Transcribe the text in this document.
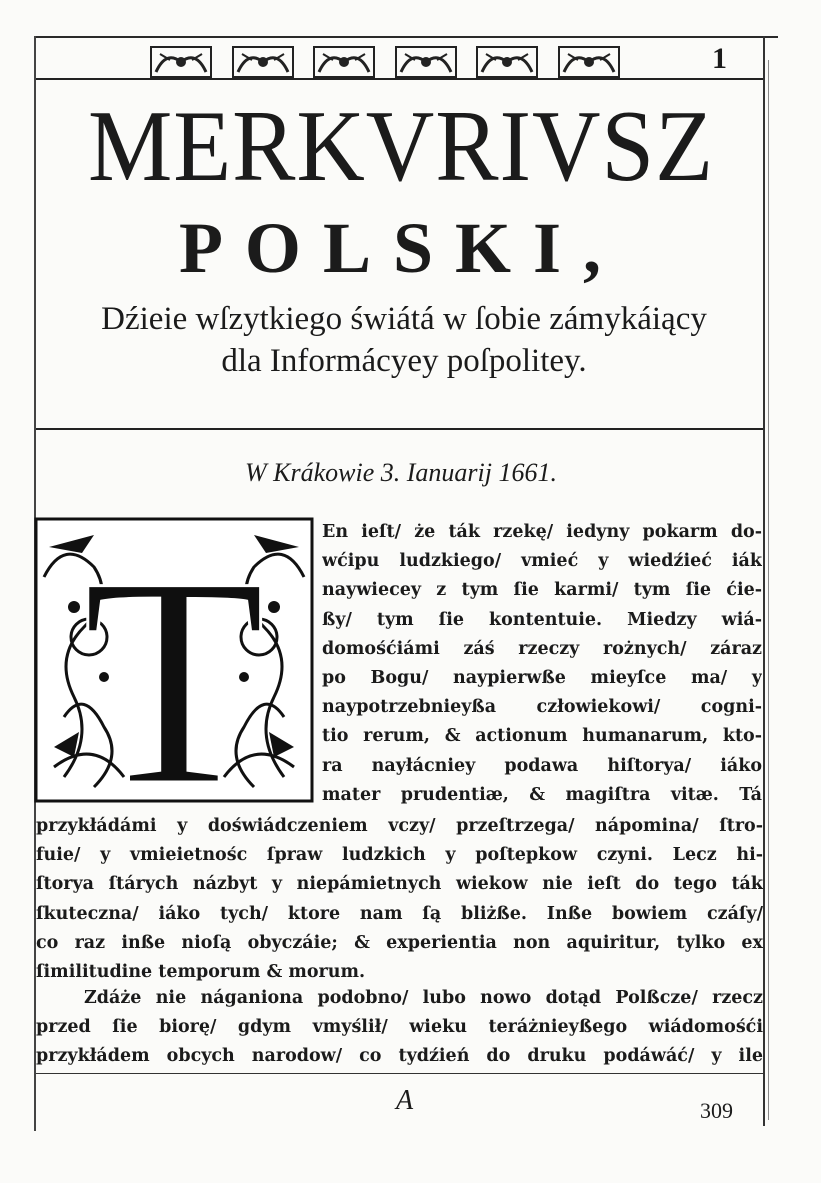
1
MERKVRIVSZ
POLSKI,
Dźieie wſzytkiego świátá w ſobie zámykáiący
dla Informácyey poſpolitey.
W Krákowie 3. Ianuarij 1661.
T	En ieſt/ że ták rzekę/ iedyny pokarm do-
wćipu ludzkiego/ vmieć y wiedźieć iák
naywiecey z tym ſie karmi/ tym ſie ćie-
ßy/ tym ſie kontentuie. Miedzy wiá-
domośćiámi záś rzeczy rożnych/ záraz
po Bogu/ naypierwße mieyſce ma/ y
naypotrzebnieyßa człowiekowi/ cogni-
tio rerum, & actionum humanarum, kto-
ra nayłácniey podawa hiſtorya/ iáko
mater prudentiæ, & magiſtra vitæ. Tá
przykłádámi y doświádczeniem vczy/ przeſtrzega/ nápomina/ ſtro-
fuie/ y vmieietnośc ſpraw ludzkich y poſtepkow czyni. Lecz hi-
ſtorya ſtárych názbyt y niepámietnych wiekow nie ieſt do tego ták
ſkuteczna/ iáko tych/ ktore nam ſą bliżße. Inße bowiem czáſy/
co raz inße nioſą obyczáie; & experientia non aquiritur, tylko ex
ſimilitudine temporum & morum.
Zdáże nie náganiona podobno/ lubo nowo dotąd Polßcze/ rzecz
przed ſie biorę/ gdym vmyślił/ wieku teráżnieyßego wiádomośći
przykłádem obcych narodow/ co tydźień do druku podáwáć/ y ile
A	309
